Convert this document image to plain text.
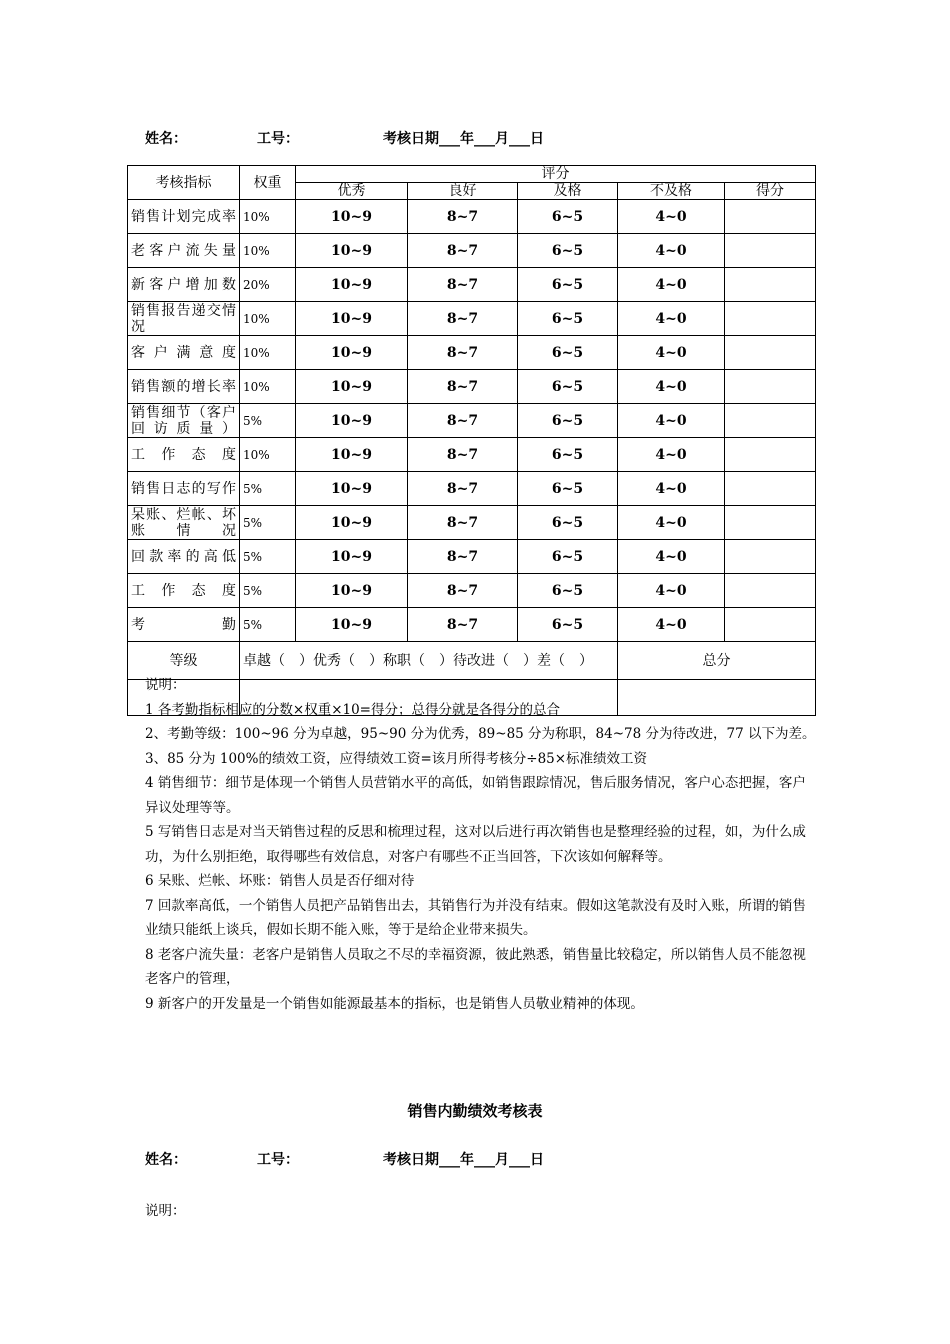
姓名：	工号：	考核日期___年___月___日
考核指标	权重	评分				
		优秀	良好	及格	不及格	得分
销售计划完成率	10%	10~9	8~7	6~5	4~0	
老客户流失量	10%	10~9	8~7	6~5	4~0	
新客户增加数	20%	10~9	8~7	6~5	4~0	
销售报告递交情况	10%	10~9	8~7	6~5	4~0	
客户满意度	10%	10~9	8~7	6~5	4~0	
销售额的增长率	10%	10~9	8~7	6~5	4~0	
销售细节（客户回访质量）	5%	10~9	8~7	6~5	4~0	
工作态度	10%	10~9	8~7	6~5	4~0	
销售日志的写作	5%	10~9	8~7	6~5	4~0	
呆账、烂帐、坏账情况	5%	10~9	8~7	6~5	4~0	
回款率的高低	5%	10~9	8~7	6~5	4~0	
工作态度	5%	10~9	8~7	6~5	4~0	
考勤	5%	10~9	8~7	6~5	4~0	
等级	卓越（　）优秀（　）称职（　）待改进（　）差（　）				总分	

说明：

1 各考勤指标相应的分数×权重×10=得分；总得分就是各得分的总合

2、考勤等级：100~96 分为卓越，95~90 分为优秀，89~85 分为称职，84~78 分为待改进，77 以下为差。

3、85 分为 100%的绩效工资，应得绩效工资=该月所得考核分÷85×标准绩效工资

4 销售细节：细节是体现一个销售人员营销水平的高低，如销售跟踪情况，售后服务情况，客户心态把握，客户异议处理等等。

5 写销售日志是对当天销售过程的反思和梳理过程，这对以后进行再次销售也是整理经验的过程，如，为什么成功，为什么别拒绝，取得哪些有效信息，对客户有哪些不正当回答，下次该如何解释等。

6 呆账、烂帐、坏账：销售人员是否仔细对待

7 回款率高低，一个销售人员把产品销售出去，其销售行为并没有结束。假如这笔款没有及时入账，所谓的销售业绩只能纸上谈兵，假如长期不能入账，等于是给企业带来损失。

8 老客户流失量：老客户是销售人员取之不尽的幸福资源，彼此熟悉，销售量比较稳定，所以销售人员不能忽视老客户的管理，

9 新客户的开发量是一个销售如能源最基本的指标，也是销售人员敬业精神的体现。

销售内勤绩效考核表
姓名：	工号：	考核日期___年___月___日
说明：
